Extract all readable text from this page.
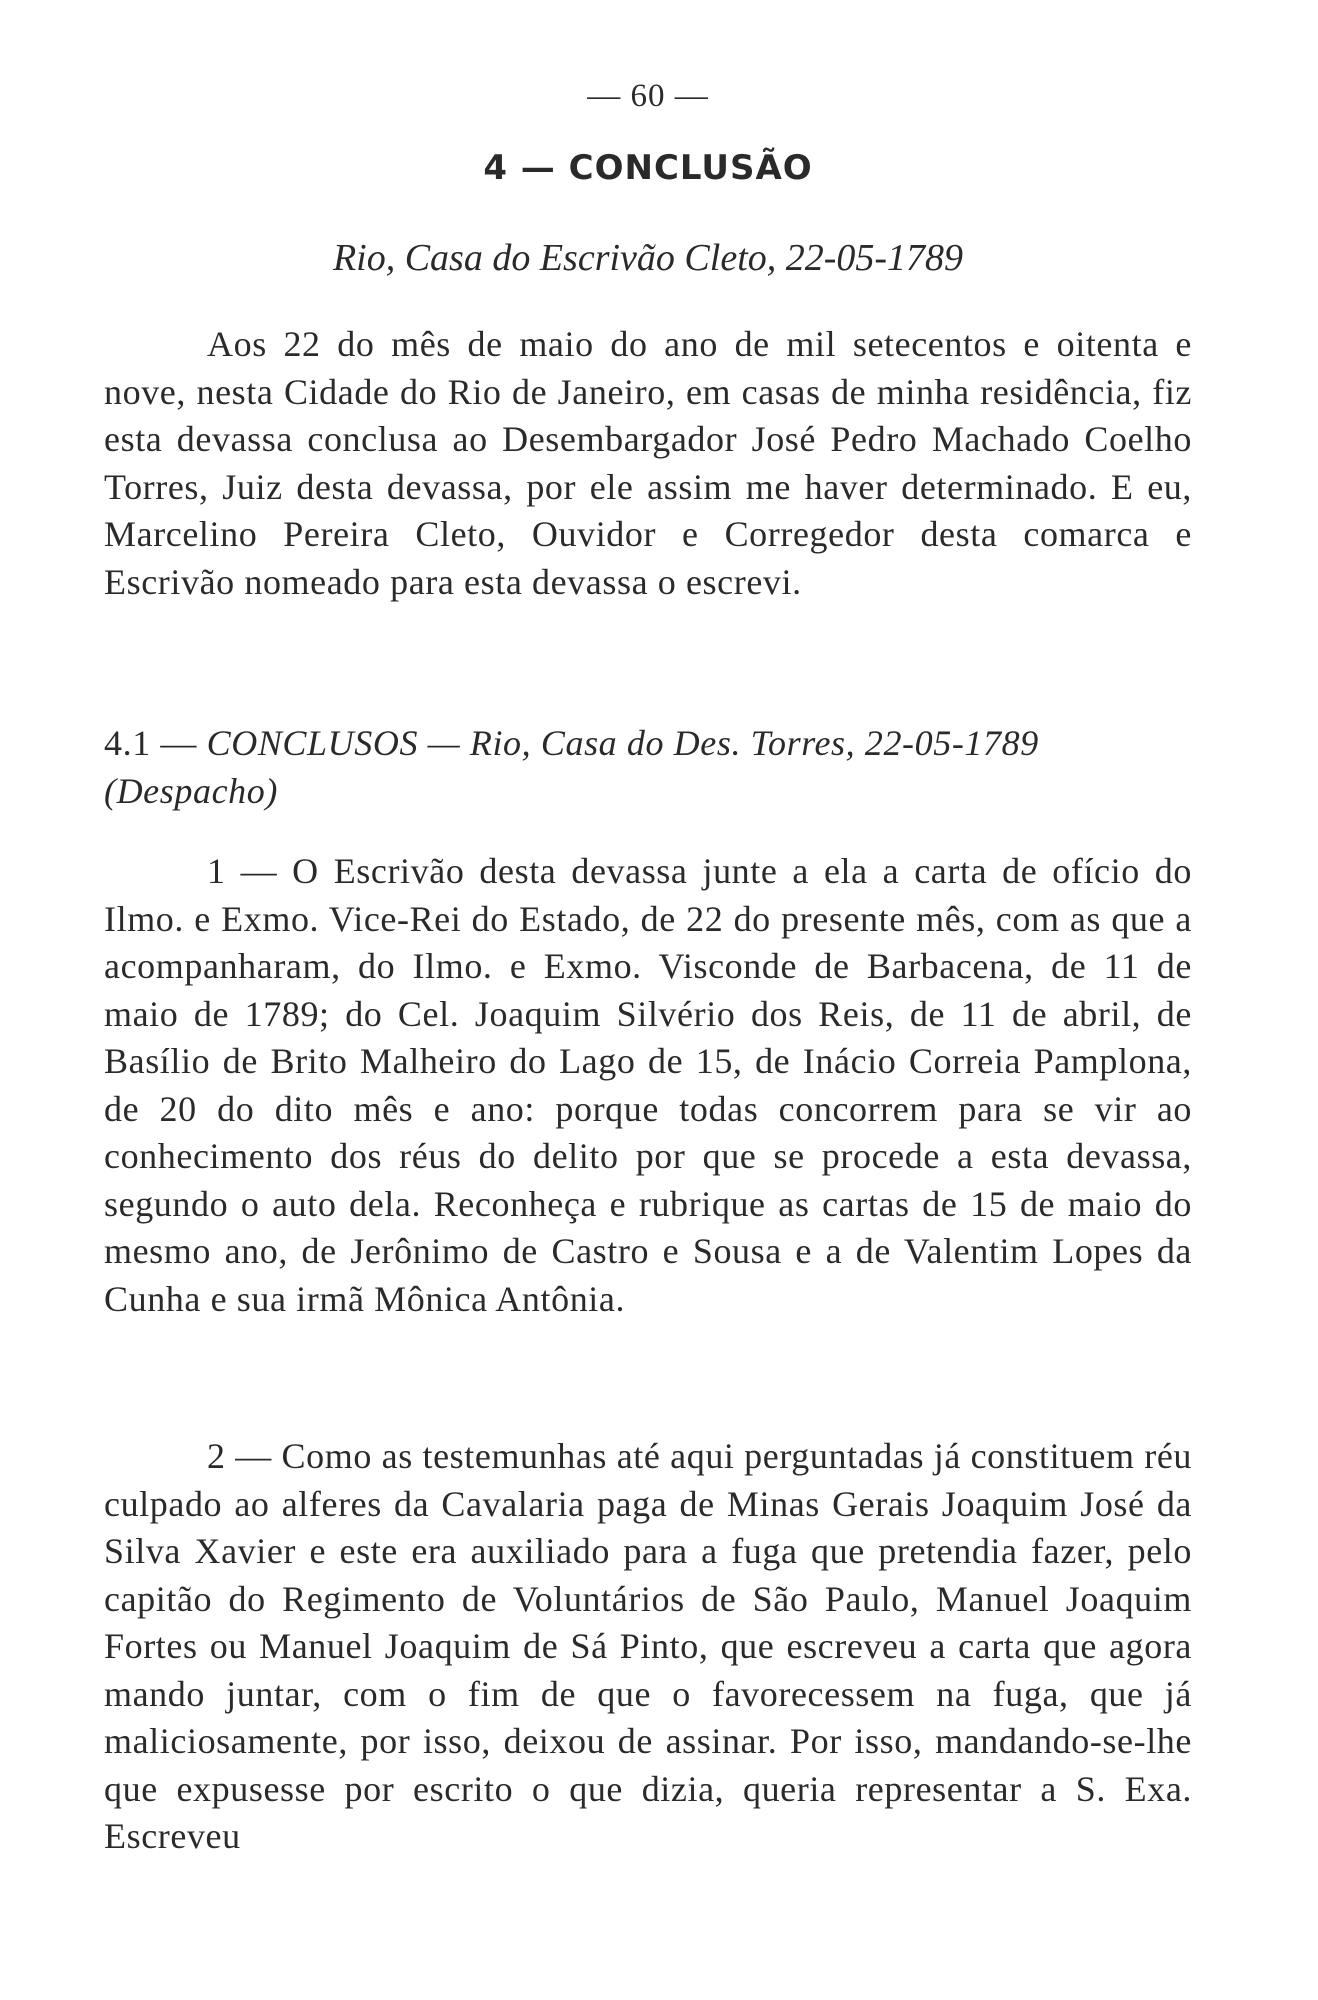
— 60 —
4 — CONCLUSÃO
Rio, Casa do Escrivão Cleto, 22-05-1789

Aos 22 do mês de maio do ano de mil setecentos e oitenta e nove, nesta Cidade do Rio de Janeiro, em casas de minha residência, fiz esta devassa conclusa ao Desembargador José Pedro Machado Coelho Torres, Juiz desta devassa, por ele assim me haver determinado. E eu, Marcelino Pereira Cleto, Ouvidor e Corregedor desta comarca e Escrivão nomeado para esta devassa o escrevi.

4.1 — CONCLUSOS — Rio, Casa do Des. Torres, 22-05-1789
(Despacho)

1 — O Escrivão desta devassa junte a ela a carta de ofício do Ilmo. e Exmo. Vice-Rei do Estado, de 22 do presente mês, com as que a acompanharam, do Ilmo. e Exmo. Visconde de Barbacena, de 11 de maio de 1789; do Cel. Joaquim Silvério dos Reis, de 11 de abril, de Basílio de Brito Malheiro do Lago de 15, de Inácio Correia Pamplona, de 20 do dito mês e ano: porque todas concorrem para se vir ao conhecimento dos réus do delito por que se procede a esta devassa, segundo o auto dela. Reconheça e rubrique as cartas de 15 de maio do mesmo ano, de Jerônimo de Castro e Sousa e a de Valentim Lopes da Cunha e sua irmã Mônica Antônia.

2 — Como as testemunhas até aqui perguntadas já constituem réu culpado ao alferes da Cavalaria paga de Minas Gerais Joaquim José da Silva Xavier e este era auxiliado para a fuga que pretendia fazer, pelo capitão do Regimento de Voluntários de São Paulo, Manuel Joaquim Fortes ou Manuel Joaquim de Sá Pinto, que escreveu a carta que agora mando juntar, com o fim de que o favorecessem na fuga, que já maliciosamente, por isso, deixou de assinar. Por isso, mandando-se-lhe que expusesse por escrito o que dizia, queria representar a S. Exa. Escreveu
